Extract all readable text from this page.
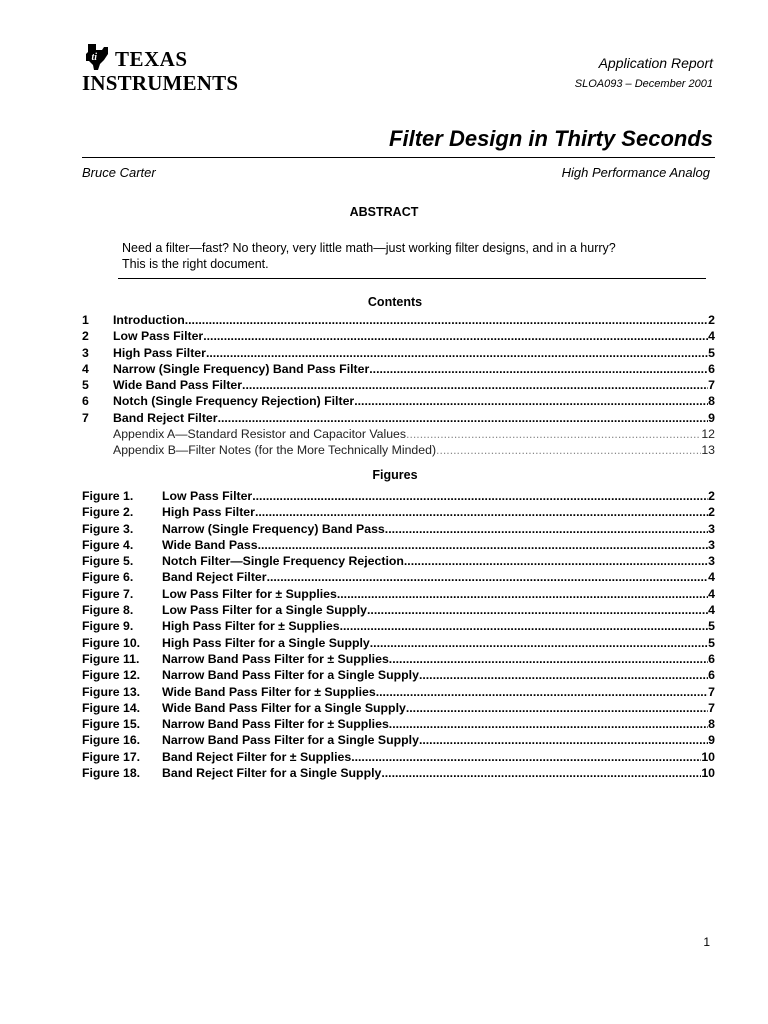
ti TEXAS
INSTRUMENTS
Application Report
SLOA093 – December 2001
Filter Design in Thirty Seconds
Bruce Carter	High Performance Analog
ABSTRACT
Need a filter—fast? No theory, very little math—just working filter designs, and in a hurry?
This is the right document.
Contents
1	Introduction .....	2
2	Low Pass Filter .....	4
3	High Pass Filter .....	5
4	Narrow (Single Frequency) Band Pass Filter .....	6
5	Wide Band Pass Filter .....	7
6	Notch (Single Frequency Rejection) Filter .....	8
7	Band Reject Filter .....	9
Appendix A—Standard Resistor and Capacitor Values .....	12
Appendix B—Filter Notes (for the More Technically Minded) .....	13
Figures
Figure 1.	Low Pass Filter .....	2
Figure 2.	High Pass Filter .....	2
Figure 3.	Narrow (Single Frequency) Band Pass .....	3
Figure 4.	Wide Band Pass .....	3
Figure 5.	Notch Filter—Single Frequency Rejection .....	3
Figure 6.	Band Reject Filter .....	4
Figure 7.	Low Pass Filter for ± Supplies .....	4
Figure 8.	Low Pass Filter for a Single Supply .....	4
Figure 9.	High Pass Filter for ± Supplies .....	5
Figure 10.	High Pass Filter for a Single Supply .....	5
Figure 11.	Narrow Band Pass Filter for ± Supplies .....	6
Figure 12.	Narrow Band Pass Filter for a Single Supply .....	6
Figure 13.	Wide Band Pass Filter for ± Supplies .....	7
Figure 14.	Wide Band Pass Filter for a Single Supply .....	7
Figure 15.	Narrow Band Pass Filter for ± Supplies .....	8
Figure 16.	Narrow Band Pass Filter for a Single Supply .....	9
Figure 17.	Band Reject Filter for ± Supplies .....	10
Figure 18.	Band Reject Filter for a Single Supply .....	10
1
